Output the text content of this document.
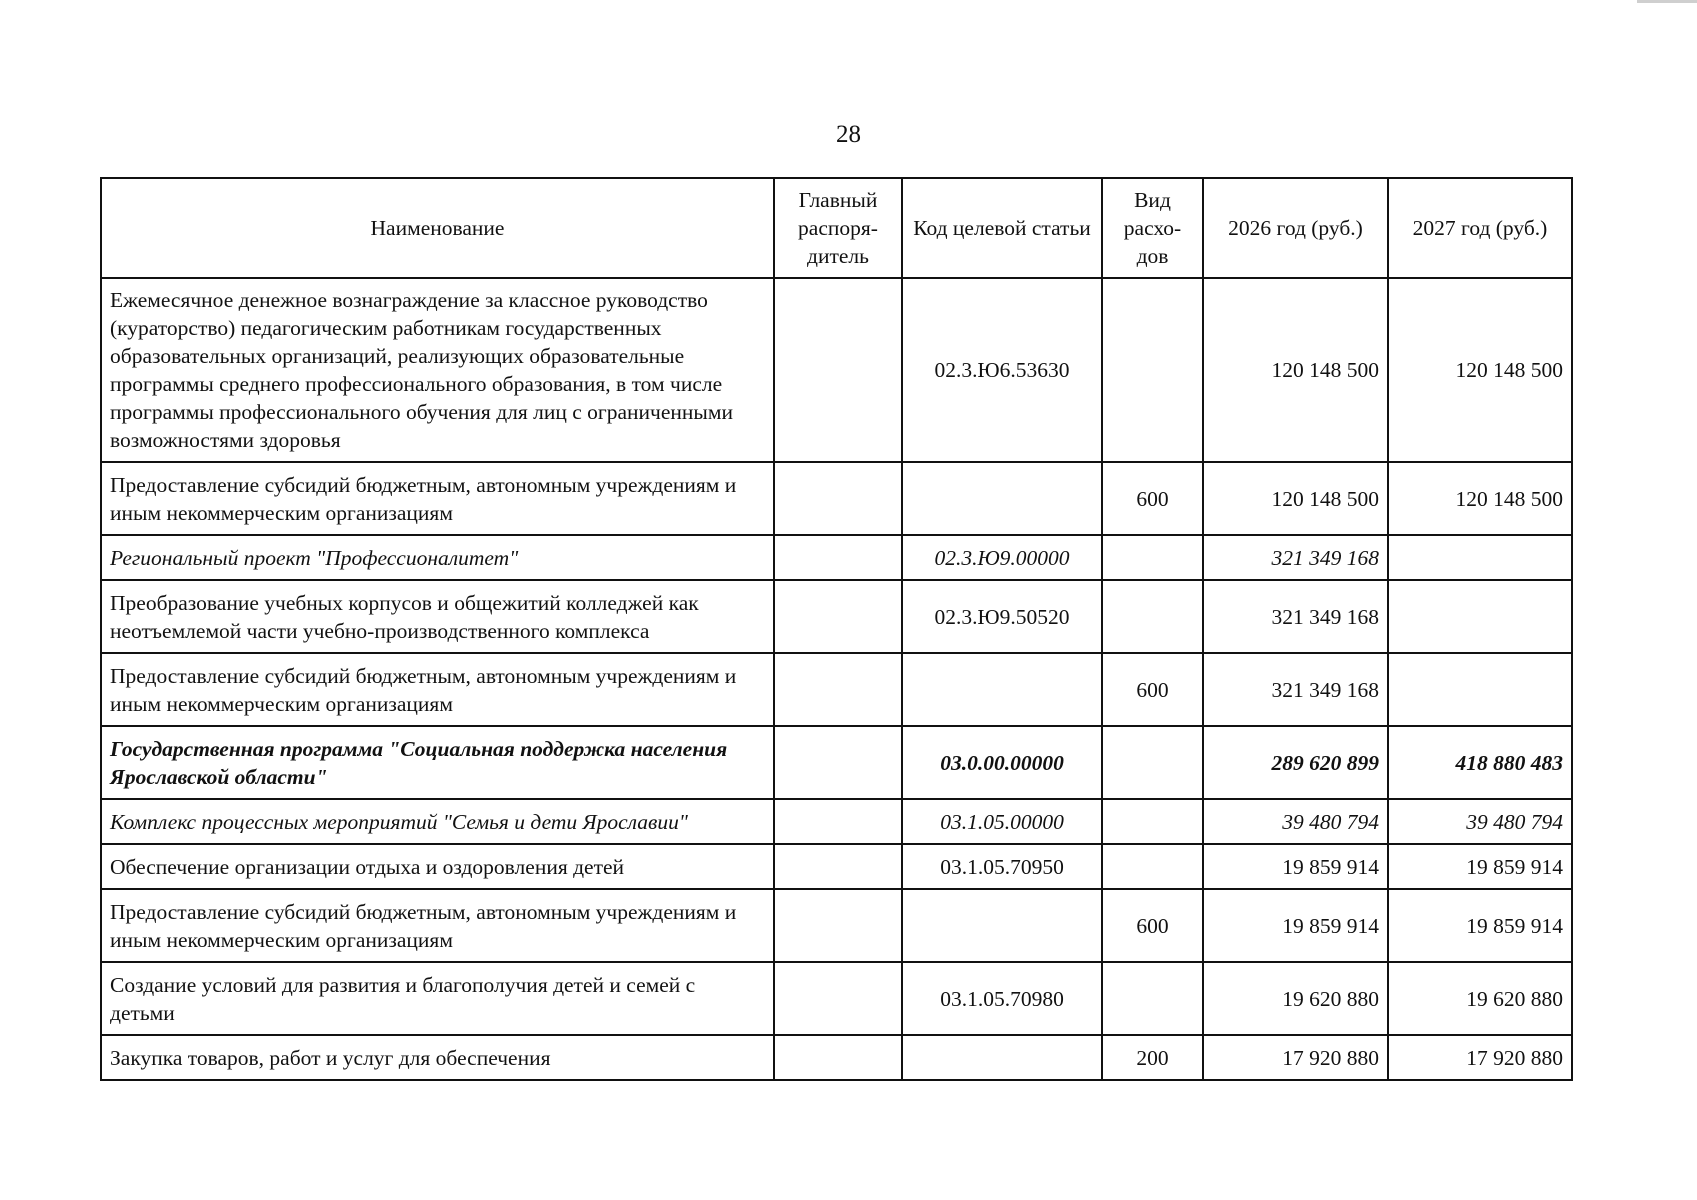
28
Наименование	Главный распоря-дитель	Код целевой статьи	Вид расхо-дов	2026 год (руб.)	2027 год (руб.)
Ежемесячное денежное вознаграждение за классное руководство (кураторство) педагогическим работникам государственных образовательных организаций, реализующих образовательные программы среднего профессионального образования, в том числе программы профессионального обучения для лиц с ограниченными возможностями здоровья		02.3.Ю6.53630		120 148 500	120 148 500
Предоставление субсидий бюджетным, автономным учреждениям и иным некоммерческим организациям			600	120 148 500	120 148 500
Региональный проект "Профессионалитет"		02.3.Ю9.00000		321 349 168	
Преобразование учебных корпусов и общежитий колледжей как неотъемлемой части учебно-производственного комплекса		02.3.Ю9.50520		321 349 168	
Предоставление субсидий бюджетным, автономным учреждениям и иным некоммерческим организациям			600	321 349 168	
Государственная программа "Социальная поддержка населения Ярославской области"		03.0.00.00000		289 620 899	418 880 483
Комплекс процессных мероприятий "Семья и дети Ярославии"		03.1.05.00000		39 480 794	39 480 794
Обеспечение организации отдыха и оздоровления детей		03.1.05.70950		19 859 914	19 859 914
Предоставление субсидий бюджетным, автономным учреждениям и иным некоммерческим организациям			600	19 859 914	19 859 914
Создание условий для развития и благополучия детей и семей с детьми		03.1.05.70980		19 620 880	19 620 880
Закупка товаров, работ и услуг для обеспечения			200	17 920 880	17 920 880
